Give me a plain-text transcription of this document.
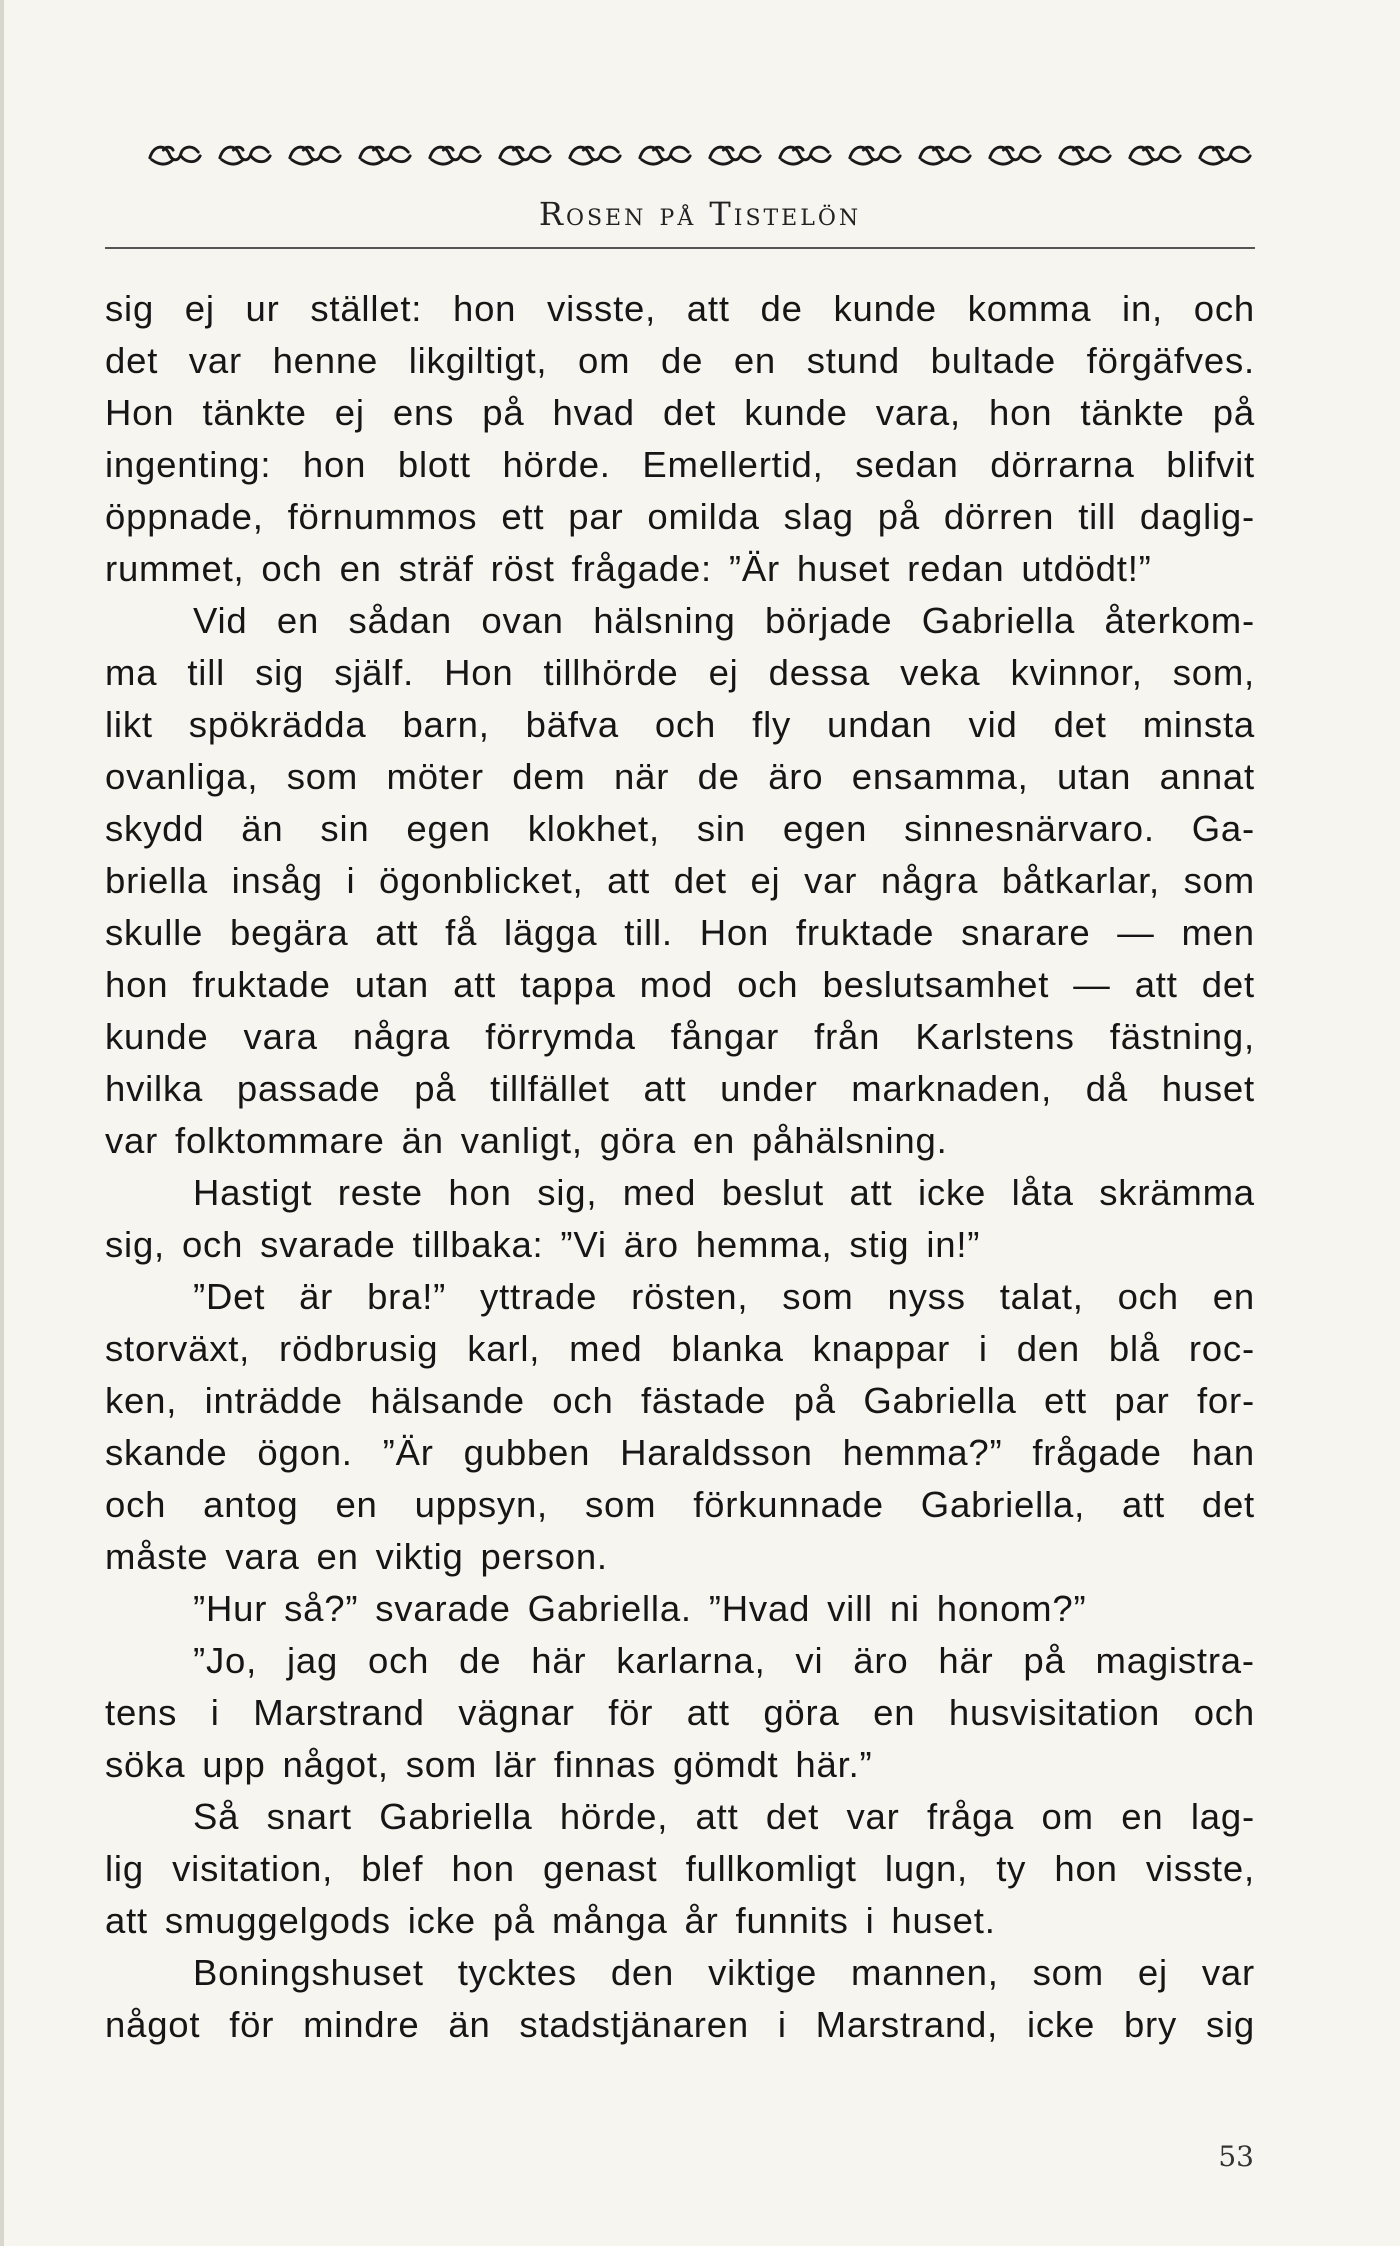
Rosen på Tistelön
sig ej ur stället: hon visste, att de kunde komma in, och
det var henne likgiltigt, om de en stund bultade förgäfves.
Hon tänkte ej ens på hvad det kunde vara, hon tänkte på
ingenting: hon blott hörde. Emellertid, sedan dörrarna blifvit
öppnade, förnummos ett par omilda slag på dörren till daglig-
rummet, och en sträf röst frågade: ”Är huset redan utdödt!”
Vid en sådan ovan hälsning började Gabriella återkom-
ma till sig själf. Hon tillhörde ej dessa veka kvinnor, som,
likt spökrädda barn, bäfva och fly undan vid det minsta
ovanliga, som möter dem när de äro ensamma, utan annat
skydd än sin egen klokhet, sin egen sinnesnärvaro. Ga-
briella insåg i ögonblicket, att det ej var några båtkarlar, som
skulle begära att få lägga till. Hon fruktade snarare — men
hon fruktade utan att tappa mod och beslutsamhet — att det
kunde vara några förrymda fångar från Karlstens fästning,
hvilka passade på tillfället att under marknaden, då huset
var folktommare än vanligt, göra en påhälsning.
Hastigt reste hon sig, med beslut att icke låta skrämma
sig, och svarade tillbaka: ”Vi äro hemma, stig in!”
”Det är bra!” yttrade rösten, som nyss talat, och en
storväxt, rödbrusig karl, med blanka knappar i den blå roc-
ken, inträdde hälsande och fästade på Gabriella ett par for-
skande ögon. ”Är gubben Haraldsson hemma?” frågade han
och antog en uppsyn, som förkunnade Gabriella, att det
måste vara en viktig person.
”Hur så?” svarade Gabriella. ”Hvad vill ni honom?”
”Jo, jag och de här karlarna, vi äro här på magistra-
tens i Marstrand vägnar för att göra en husvisitation och
söka upp något, som lär finnas gömdt här.”
Så snart Gabriella hörde, att det var fråga om en lag-
lig visitation, blef hon genast fullkomligt lugn, ty hon visste,
att smuggelgods icke på många år funnits i huset.
Boningshuset tycktes den viktige mannen, som ej var
något för mindre än stadstjänaren i Marstrand, icke bry sig
53
